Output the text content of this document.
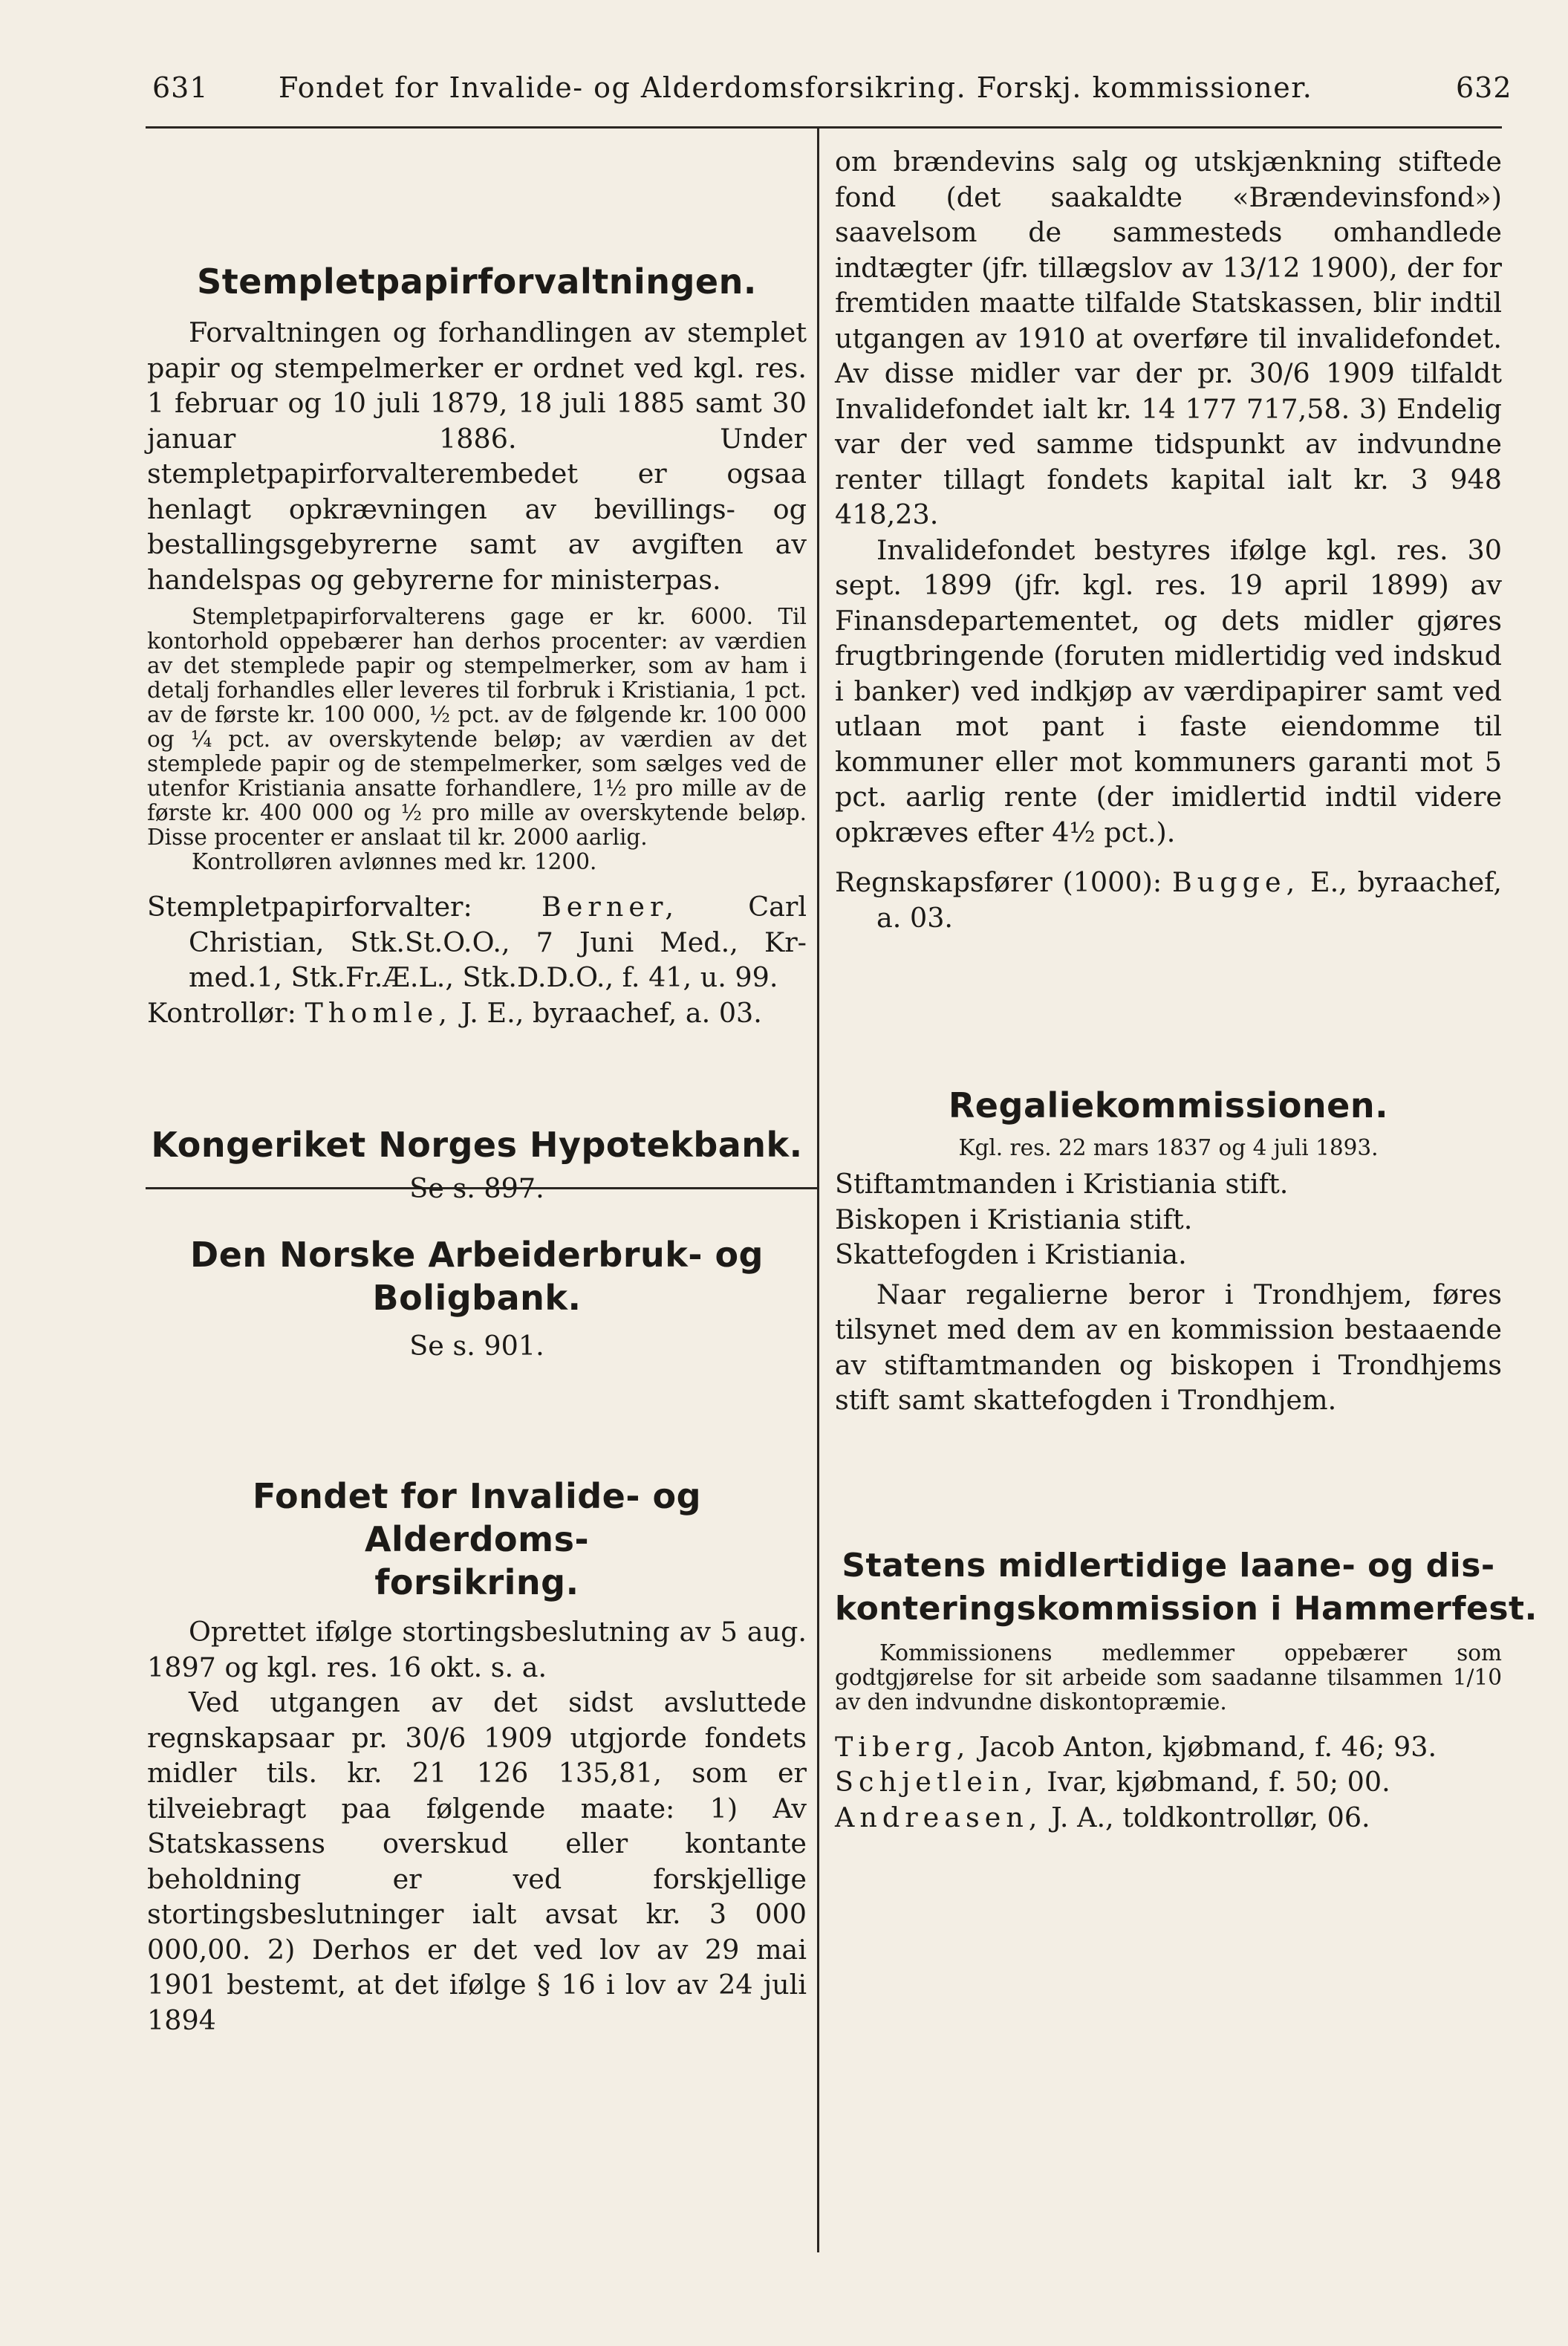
631 Fondet for Invalide- og Alderdomsforsikring. Forskj. kommissioner.	632
Stempletpapirforvaltningen.

Forvaltningen og forhandlingen av stemplet papir og stempelmerker er ordnet ved kgl. res. 1 februar og 10 juli 1879, 18 juli 1885 samt 30 januar 1886. Under stempletpapirforvalterembedet er ogsaa henlagt opkrævningen av bevillings- og bestallingsgebyrerne samt av avgiften av handelspas og gebyrerne for ministerpas.

Stempletpapirforvalterens gage er kr. 6000. Til kontorhold oppebærer han derhos procenter: av værdien av det stemplede papir og stempelmerker, som av ham i detalj forhandles eller leveres til forbruk i Kristiania, 1 pct. av de første kr. 100 000, ½ pct. av de følgende kr. 100 000 og ¼ pct. av overskytende beløp; av værdien av det stemplede papir og de stempelmerker, som sælges ved de utenfor Kristiania ansatte forhandlere, 1½ pro mille av de første kr. 400 000 og ½ pro mille av overskytende beløp. Disse procenter er anslaat til kr. 2000 aarlig.

Kontrolløren avlønnes med kr. 1200.

Stempletpapirforvalter:	Berner,	Carl Christian, Stk.St.O.O., 7 Juni Med., Kr-med.1, Stk.Fr.Æ.L., Stk.D.D.O., f. 41, u. 99.

Kontrollør: Thomle, J. E., byraachef, a. 03.

Kongeriket Norges Hypotekbank.

Se s. 897.

Den Norske Arbeiderbruk- og
Boligbank.

Se s. 901.

Fondet for Invalide- og Alderdoms-
forsikring.

Oprettet ifølge stortingsbeslutning av 5 aug. 1897 og kgl. res. 16 okt. s. a.

Ved utgangen av det sidst avsluttede regnskapsaar pr. 30/6 1909 utgjorde fondets midler tils. kr. 21 126 135,81, som er tilveiebragt paa følgende maate: 1) Av Statskassens overskud eller kontante beholdning er ved forskjellige stortingsbeslutninger ialt avsat kr. 3 000 000,00. 2) Derhos er det ved lov av 29 mai 1901 bestemt, at det ifølge § 16 i lov av 24 juli 1894

om brændevins salg og utskjænkning stiftede fond (det saakaldte «Brændevinsfond») saavelsom de sammesteds omhandlede indtægter (jfr. tillægslov av 13/12 1900), der for fremtiden maatte tilfalde Statskassen, blir indtil utgangen av 1910 at overføre til invalidefondet. Av disse midler var der pr. 30/6 1909 tilfaldt Invalidefondet ialt kr. 14 177 717,58. 3) Endelig var der ved samme tidspunkt av indvundne renter tillagt fondets kapital ialt kr. 3 948 418,23.

Invalidefondet bestyres ifølge kgl. res. 30 sept. 1899 (jfr. kgl. res. 19 april 1899) av Finansdepartementet, og dets midler gjøres frugtbringende (foruten midlertidig ved indskud i banker) ved indkjøp av værdipapirer samt ved utlaan mot pant i faste eiendomme til kommuner eller mot kommuners garanti mot 5 pct. aarlig rente (der imidlertid indtil videre opkræves efter 4½ pct.).

Regnskapsfører (1000): Bugge, E., byraachef, a. 03.

Regaliekommissionen.

Kgl. res. 22 mars 1837 og 4 juli 1893.

Stiftamtmanden i Kristiania stift.

Biskopen i Kristiania stift.

Skattefogden i Kristiania.

Naar regalierne beror i Trondhjem, føres tilsynet med dem av en kommission bestaaende av stiftamtmanden og biskopen i Trondhjems stift samt skattefogden i Trondhjem.

Statens midlertidige laane- og dis-
konteringskommission i Hammerfest.

Kommissionens medlemmer oppebærer som godtgjørelse for sit arbeide som saadanne tilsammen 1/10 av den indvundne diskontopræmie.

Tiberg, Jacob Anton, kjøbmand, f. 46; 93.

Schjetlein, Ivar, kjøbmand, f. 50; 00.

Andreasen, J. A., toldkontrollør, 06.
